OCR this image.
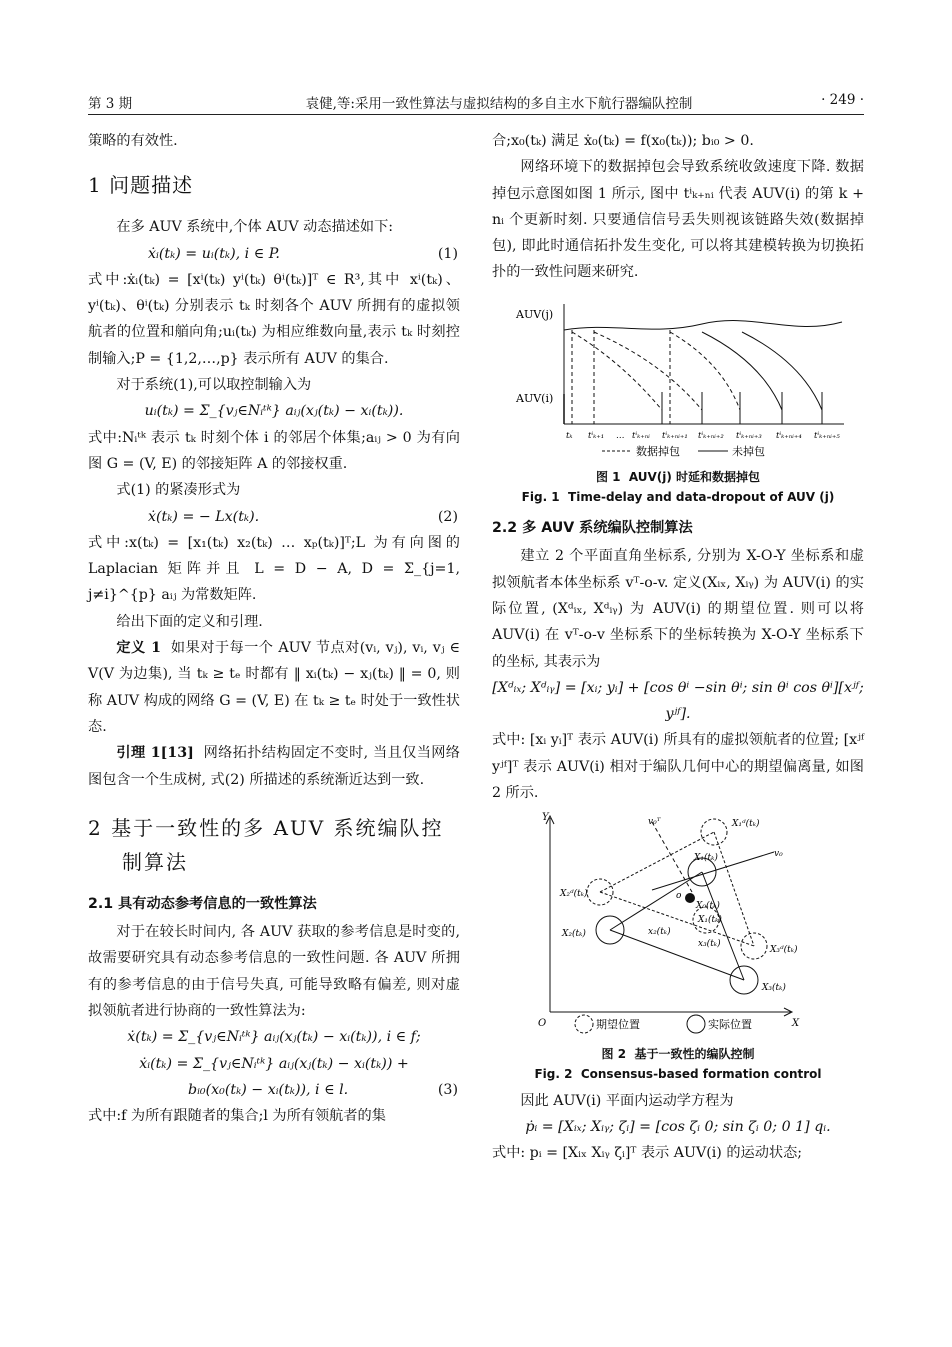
第 3 期	袁健,等:采用一致性算法与虚拟结构的多自主水下航行器编队控制	· 249 ·

策略的有效性.

1 问题描述

在多 AUV 系统中,个体 AUV 动态描述如下:

ẋᵢ(tₖ) = uᵢ(tₖ), i ∈ P.	(1)

式中:ẋᵢ(tₖ) = [xⁱ(tₖ) yⁱ(tₖ) θⁱ(tₖ)]ᵀ ∈ R³,其中 xⁱ(tₖ)、yⁱ(tₖ)、θⁱ(tₖ) 分别表示 tₖ 时刻各个 AUV 所拥有的虚拟领航者的位置和艏向角;uᵢ(tₖ) 为相应维数向量,表示 tₖ 时刻控制输入;P = {1,2,…,p} 表示所有 AUV 的集合.

对于系统(1),可以取控制输入为

uᵢ(tₖ) = Σ_{vⱼ∈Nᵢᵗᵏ} aᵢⱼ(xⱼ(tₖ) − xᵢ(tₖ)).

式中:Nᵢᵗᵏ 表示 tₖ 时刻个体 i 的邻居个体集;aᵢⱼ > 0 为有向图 G = (V, E) 的邻接矩阵 A 的邻接权重.

式(1) 的紧凑形式为

ẋ(tₖ) = − Lx(tₖ).	(2)

式中:x(tₖ) = [x₁(tₖ) x₂(tₖ) … xₚ(tₖ)]ᵀ;L 为有向图的 Laplacian 矩阵并且 L = D − A, D = Σ_{j=1, j≠i}^{p} aᵢⱼ 为常数矩阵.

给出下面的定义和引理.

定义 1 如果对于每一个 AUV 节点对(vᵢ, vⱼ), vᵢ, vⱼ ∈ V(V 为边集), 当 tₖ ≥ tₑ 时都有 ‖ xᵢ(tₖ) − xⱼ(tₖ) ‖ = 0, 则称 AUV 构成的网络 G = (V, E) 在 tₖ ≥ tₑ 时处于一致性状态.

引理 1[13] 网络拓扑结构固定不变时, 当且仅当网络图包含一个生成树, 式(2) 所描述的系统渐近达到一致.

2 基于一致性的多 AUV 系统编队控
制算法
2.1 具有动态参考信息的一致性算法

对于在较长时间内, 各 AUV 获取的参考信息是时变的, 故需要研究具有动态参考信息的一致性问题. 各 AUV 所拥有的参考信息的由于信号失真, 可能导致略有偏差, 则对虚拟领航者进行协商的一致性算法为:

ẋ(tₖ) = Σ_{vⱼ∈Nᵢᵗᵏ} aᵢⱼ(xⱼ(tₖ) − xᵢ(tₖ)), i ∈ f;
ẋᵢ(tₖ) = Σ_{vⱼ∈Nᵢᵗᵏ} aᵢⱼ(xⱼ(tₖ) − xᵢ(tₖ)) +
bᵢ₀(x₀(tₖ) − xᵢ(tₖ)), i ∈ l.	(3)

式中:f 为所有跟随者的集合;l 为所有领航者的集

合;x₀(tₖ) 满足 ẋ₀(tₖ) = f(x₀(tₖ)); bᵢ₀ > 0.

网络环境下的数据掉包会导致系统收敛速度下降. 数据掉包示意图如图 1 所示, 图中 tⁱₖ₊ₙᵢ 代表 AUV(i) 的第 k + nᵢ 个更新时刻. 只要通信信号丢失则视该链路失效(数据掉包), 即此时通信拓扑发生变化, 可以将其建模转换为切换拓扑的一致性问题来研究.

AUV(j)
AUV(i)
tₖ tⁱₖ₊₁ … tⁱₖ₊ₙᵢ tⁱₖ₊ₙᵢ₊₁ tⁱₖ₊ₙᵢ₊₂ tⁱₖ₊ₙᵢ₊₃ tⁱₖ₊ₙᵢ₊₄ tⁱₖ₊ₙᵢ₊₅
数据掉包	未掉包
图 1 AUV(j) 时延和数据掉包
Fig. 1 Time-delay and data-dropout of AUV (j)
2.2 多 AUV 系统编队控制算法

建立 2 个平面直角坐标系, 分别为 X-O-Y 坐标系和虚拟领航者本体坐标系 vᵀ-o-v. 定义(Xᵢₓ, Xᵢᵧ) 为 AUV(i) 的实际位置, (Xᵈᵢₓ, Xᵈᵢᵧ) 为 AUV(i) 的期望位置. 则可以将 AUV(i) 在 vᵀ-o-v 坐标系下的坐标转换为 X-O-Y 坐标系下的坐标, 其表示为

[Xᵈᵢₓ; Xᵈᵢᵧ] = [xᵢ; yᵢ] + [cos θⁱ −sin θⁱ; sin θⁱ cos θⁱ][xʲᶠ; yʲᶠ].

式中: [xᵢ yᵢ]ᵀ 表示 AUV(i) 所具有的虚拟领航者的位置; [xʲᶠ yʲᶠ]ᵀ 表示 AUV(i) 相对于编队几何中心的期望偏离量, 如图 2 所示.

v₀ᵀ	X₁ᵈ(tₖ)
X₁(tₖ)	v₀
o
X₂ᵈ(tₖ)
X₀(tₖ)
X₁(tₖ)
X₂(tₖ)	x₂(tₖ)
x₃(tₖ)
X₃ᵈ(tₖ)
X₃(tₖ)
Y
X
O	期望位置	实际位置
图 2 基于一致性的编队控制
Fig. 2 Consensus-based formation control

因此 AUV(i) 平面内运动学方程为

ṗᵢ = [Xᵢₓ; Xᵢᵧ; ζᵢ] = [cos ζᵢ 0; sin ζᵢ 0; 0 1] qᵢ.

式中: pᵢ = [Xᵢₓ Xᵢᵧ ζᵢ]ᵀ 表示 AUV(i) 的运动状态;
